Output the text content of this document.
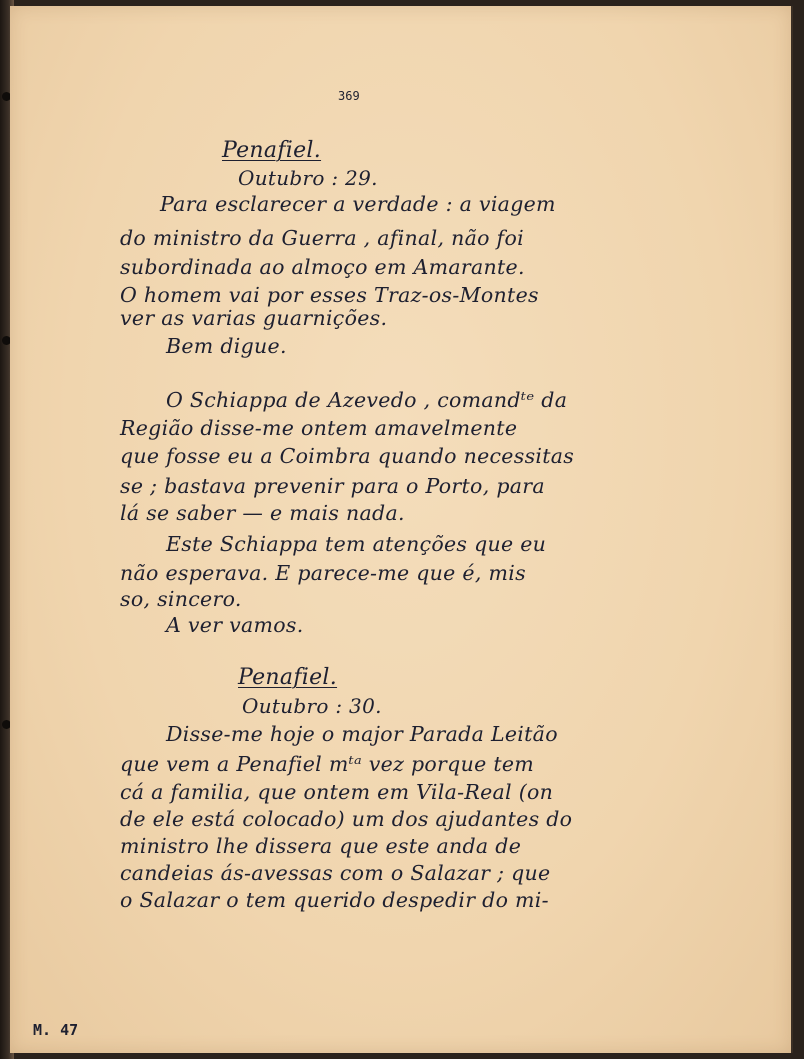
369
Penafiel.
Outubro : 29.
Para esclarecer a verdade : a viagem
do ministro da Guerra , afinal, não foi
subordinada ao almoço em Amarante.
O homem vai por esses Traz-os-Montes
ver as varias guarnições.
Bem digue.
O Schiappa de Azevedo , comandᵗᵉ da
Região disse-me ontem amavelmente
que fosse eu a Coimbra quando necessitas
se ; bastava prevenir para o Porto, para
lá se saber — e mais nada.
Este Schiappa tem atenções que eu
não esperava. E parece-me que é, mis
so, sincero.
A ver vamos.
Penafiel.
Outubro : 30.
Disse-me hoje o major Parada Leitão
que vem a Penafiel mᵗᵃ vez porque tem
cá a familia, que ontem em Vila-Real (on
de ele está colocado) um dos ajudantes do
ministro lhe dissera que este anda de
candeias ás-avessas com o Salazar ; que
o Salazar o tem querido despedir do mi-
M. 47
